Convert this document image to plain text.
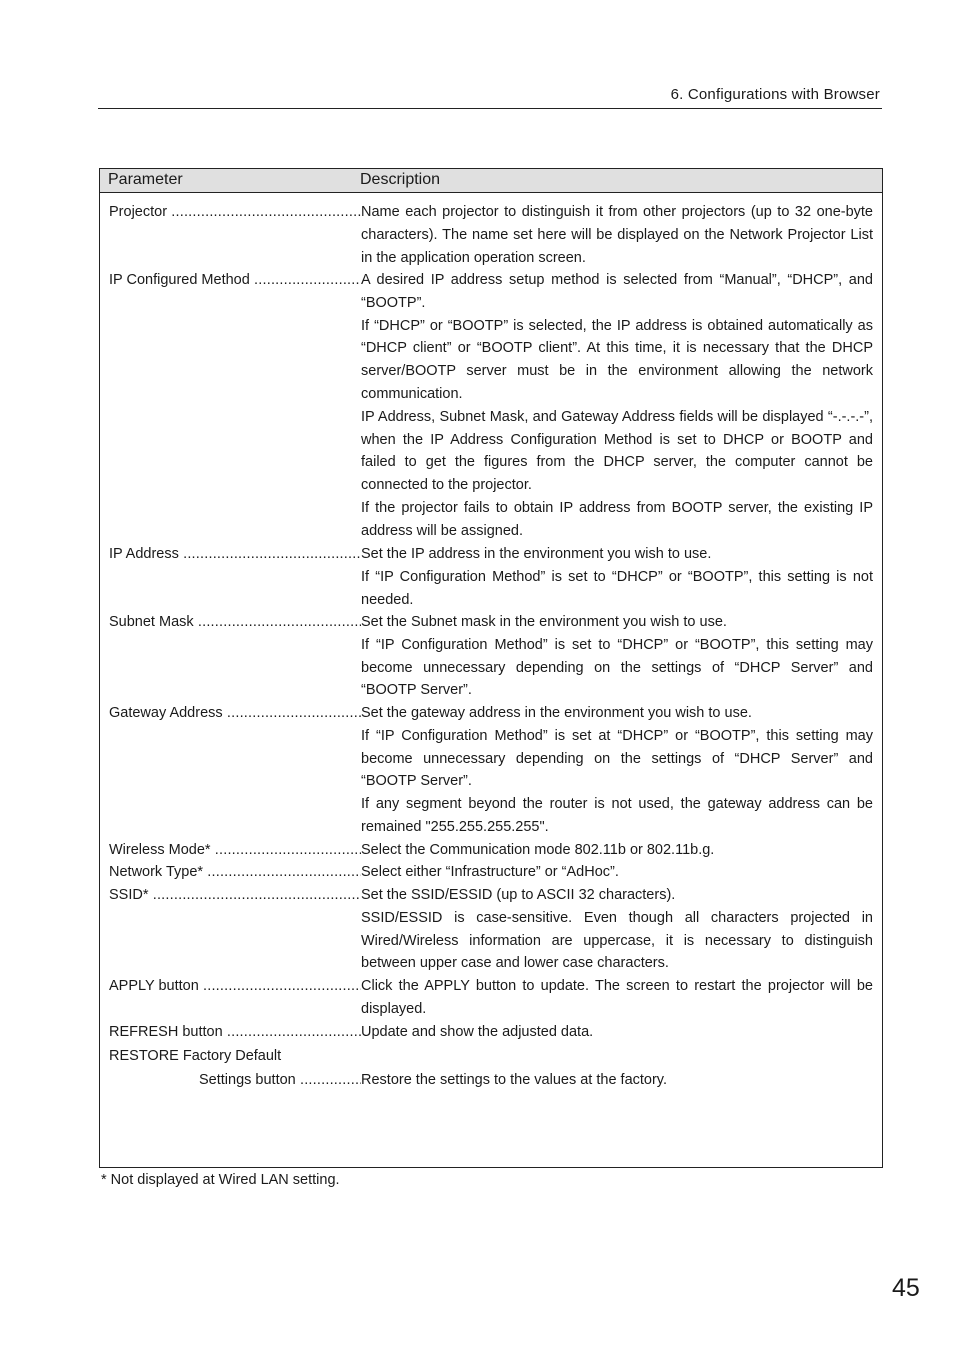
6. Configurations with Browser
Parameter	Description
Projector .....	Name each projector to distinguish it from other projectors (up to 32 one-byte characters). The name set here will be displayed on the Network Projector List in the application operation screen.

IP Configured Method .....	A desired IP address setup method is selected from “Manual”, “DHCP”, and “BOOTP”.

If “DHCP” or “BOOTP” is selected, the IP address is obtained automatically as “DHCP client” or “BOOTP client”. At this time, it is necessary that the DHCP server/BOOTP server must be in the environment allowing the network communication.

IP Address, Subnet Mask, and Gateway Address fields will be displayed “-.-.-.-”, when the IP Address Configuration Method is set to DHCP or BOOTP and failed to get the figures from the DHCP server, the computer cannot be connected to the projector.

If the projector fails to obtain IP address from BOOTP server, the existing IP address will be assigned.

IP Address .....	Set the IP address in the environment you wish to use.

If “IP Configuration Method” is set to “DHCP” or “BOOTP”, this setting is not needed.

Subnet Mask .....	Set the Subnet mask in the environment you wish to use.

If “IP Configuration Method” is set to “DHCP” or “BOOTP”, this setting may become unnecessary depending on the settings of “DHCP Server” and “BOOTP Server”.

Gateway Address .....	Set the gateway address in the environment you wish to use.

If “IP Configuration Method” is set at “DHCP” or “BOOTP”, this setting may become unnecessary depending on the settings of “DHCP Server” and “BOOTP Server”.

If any segment beyond the router is not used, the gateway address can be remained "255.255.255.255".

Wireless Mode* .....	Select the Communication mode 802.11b or 802.11b.g.

Network Type* .....	Select either “Infrastructure” or “AdHoc”.

SSID* .....	Set the SSID/ESSID (up to ASCII 32 characters).

SSID/ESSID is case-sensitive. Even though all characters projected in Wired/Wireless information are uppercase, it is necessary to distinguish between upper case and lower case characters.

APPLY button .....	Click the APPLY button to update. The screen to restart the projector will be displayed.

REFRESH button .....	Update and show the adjusted data.

RESTORE Factory Default
Settings button .....	Restore the settings to the values at the factory.

* Not displayed at Wired LAN setting.
45
